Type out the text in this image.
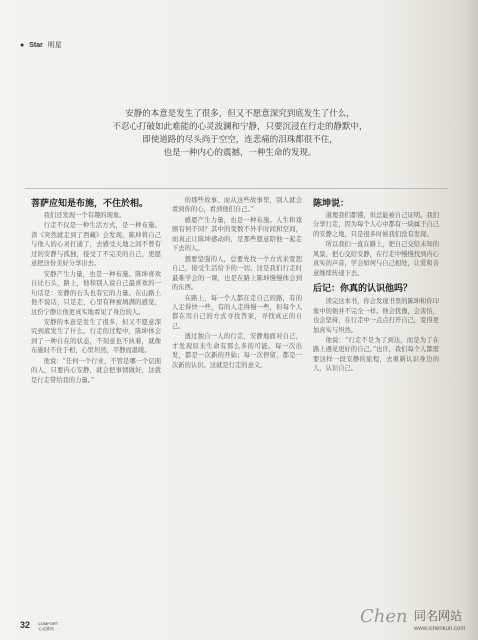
● Star 明星
安静的本意是发生了很多，但又不愿意深究到底发生了什么，
不忍心打破如此难能的心灵波澜和宁静，只要沉浸在行走的静默中，
即使道路的尽头尚于空空，连悲痛的泪珠都很不住，
也是一种内心的震撼，一种生命的发现。
菩萨应知是布施，不住於相。

我们还发现一个有趣的现象。

行走不仅是一种生活方式，是一种布施。读《突然就走到了西藏》会发现，陈坤将自己与他人的心灵打通了，去感受天地之间不曾有过的安静与孤独，接受了不完美的自己，更愿意把这份美好分享出去。

安静产生力量，也是一种布施。陈坤喜欢自比石头，路上，他和别人说自己最喜欢的一句话是：安静的石头也有它的力量。在山路上他不说话，只是走，心里有种被填满的感觉，这份宁静让他更真实地看见了身边的人。

安静的本意是发生了很多，但又不愿意深究到底发生了什么。行走的过程中，陈坤体会到了一种自在的状态，不刻意也不执着，就像布施时不住于相，心里坦然，平静而温暖。

他说：“任何一个行业，不管是哪一个层面的人，只要内心安静，就会把事情做好，这就是行走带给我的力量。”

的那些故事。而从这些故事里，别人就会看到你的心，看到他们自己。”

感恩产生力量，也是一种布施。人生和戏剧有何不同？其中的变数不外乎时间和空间，而真正让陈坤感动的，是那些愿意陪他一起走下去的人。

想要坚强的人，总要先找一个方式来宽恕自己，接受生活给予的一切。这是我们行走时最难学会的一课，也是在路上陈坤慢慢体会到的东西。

在路上，每一个人都在走自己的路，有的人走得快一些，有的人走得慢一些，但每个人都在用自己的方式寻找答案，寻找真正的自己。

透过独自一人的行走，安静地面对自己，才发现原来生命有那么多的可能。每一次出发，都是一次新的开始；每一次停留，都是一次新的认识。这就是行走的意义。

陈坤说：

道理我们都懂，但总能被自己证明。我们分享行走，因为每个人心中都有一块属于自己的安静之地，只是很多时候我们没有发现。

所以我们一直在路上，把自己交给未知的风景，把心交给安静，在行走中慢慢找到内心真实的声音，学会如何与自己相处，让爱和善意继续传递下去。

后记：你真的认识他吗？

读完这本书，你会发现书里的陈坤和你印象中的他并不完全一样。他会犹豫，会害怕，也会坚持，在行走中一点点打开自己，变得更加真实与坦然。

他说：“行走不是为了到达，而是为了在路上遇见更好的自己。”也许，我们每个人都需要这样一段安静的旅程，去重新认识身边的人，认识自己。

32 COMFORT
心灵驿站
Chen 同名网站
www.ichenkun.com
